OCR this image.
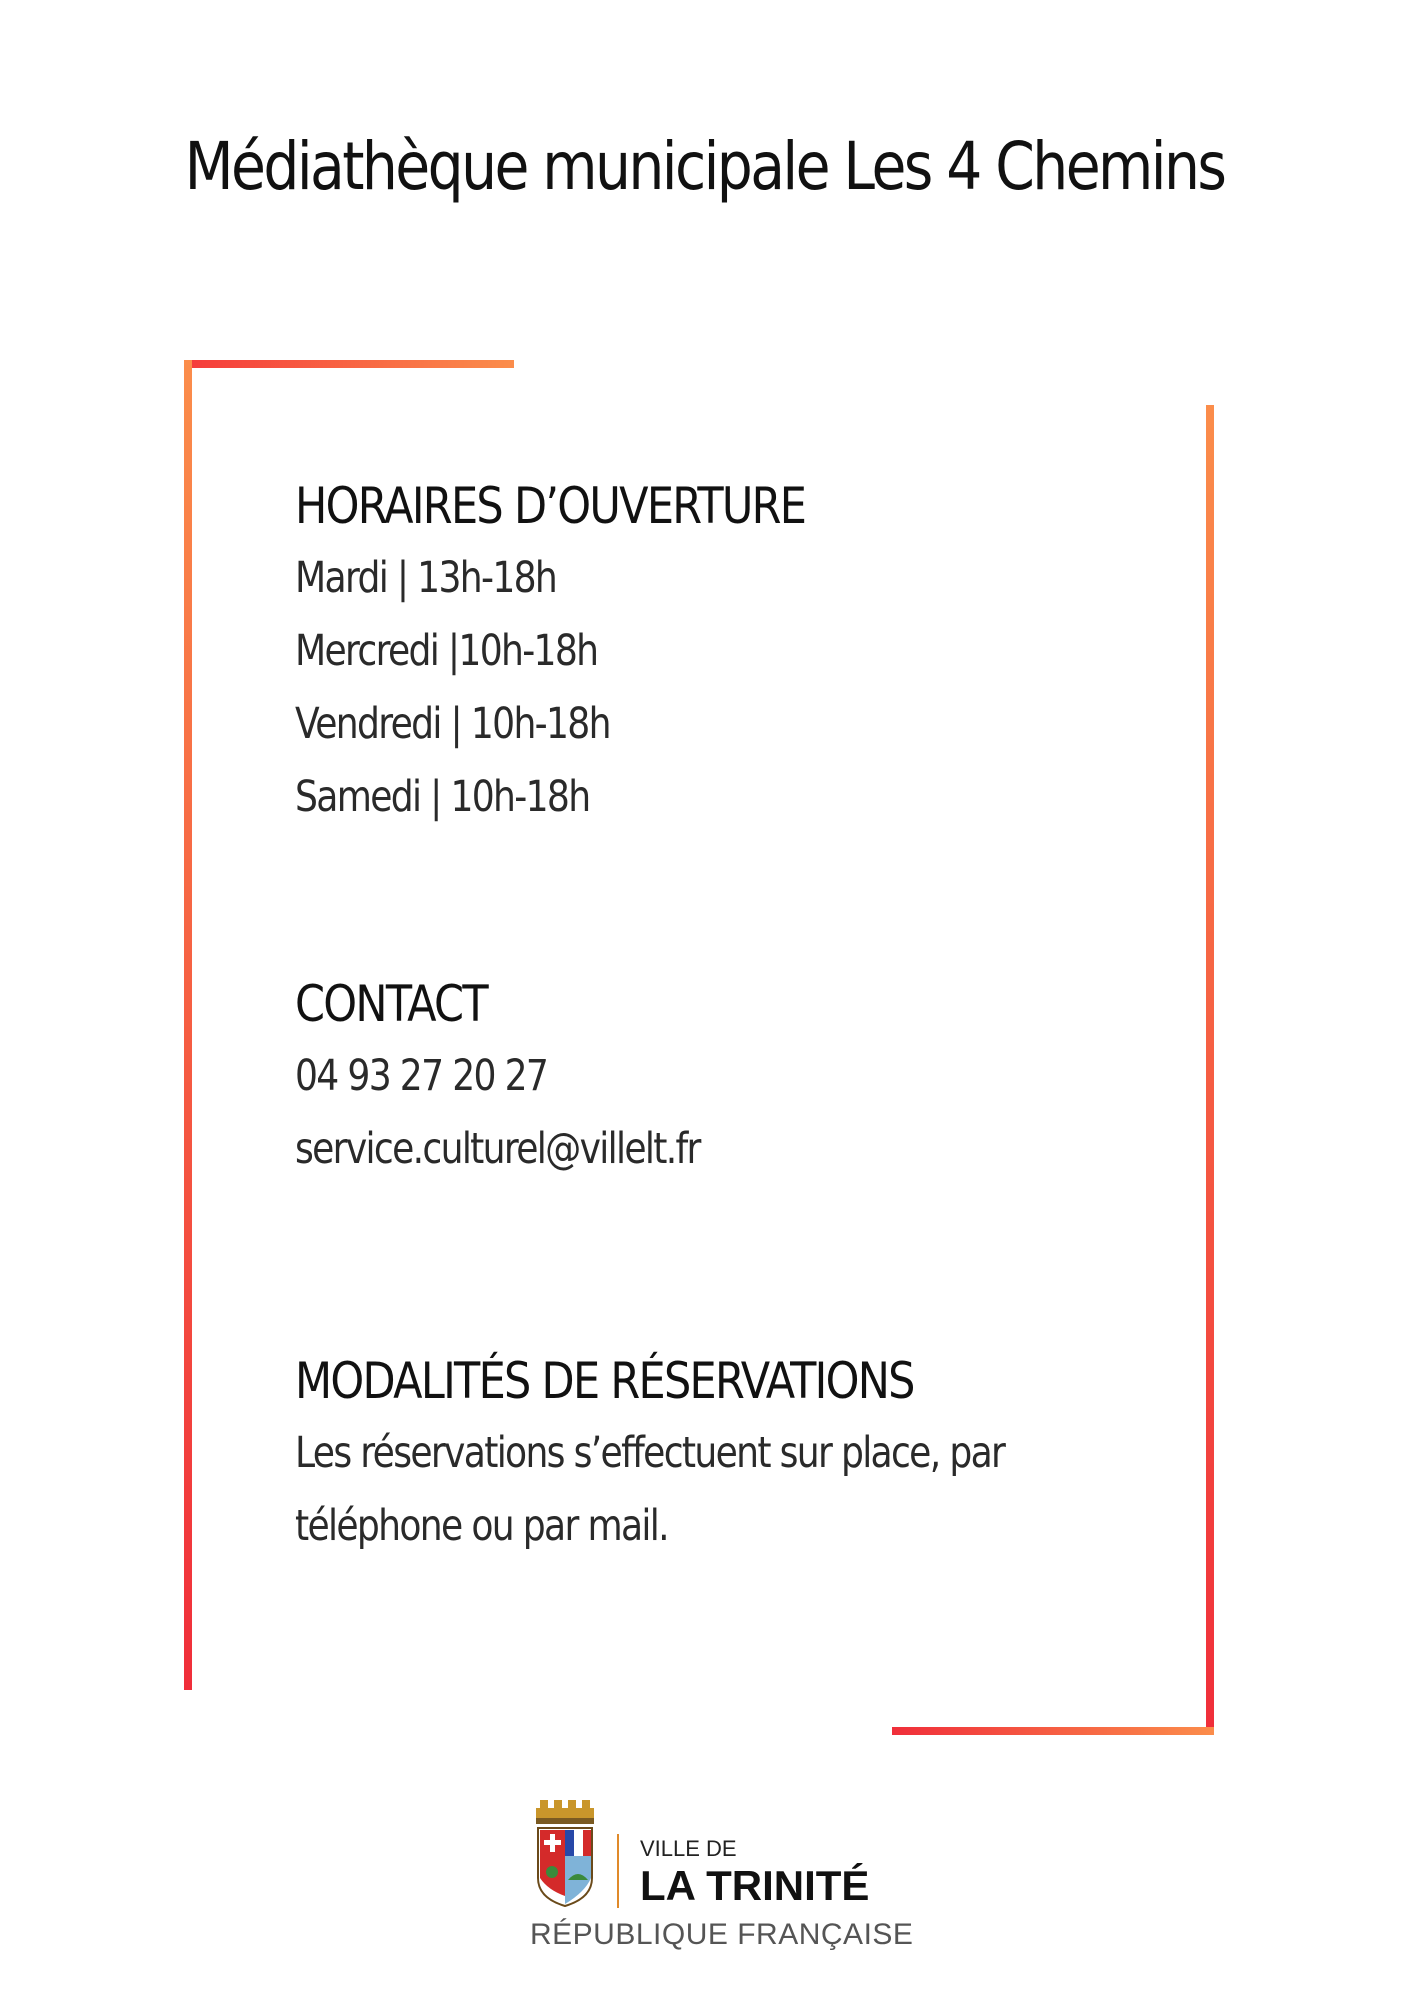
Médiathèque municipale Les 4 Chemins
HORAIRES D’OUVERTURE
Mardi | 13h-18h
Mercredi |10h-18h
Vendredi | 10h-18h
Samedi | 10h-18h
CONTACT
04 93 27 20 27
service.culturel@villelt.fr
MODALITÉS DE RÉSERVATIONS
Les réservations s’effectuent sur place, par
téléphone ou par mail.
VILLE DE
LA TRINITÉ
RÉPUBLIQUE FRANÇAISE
